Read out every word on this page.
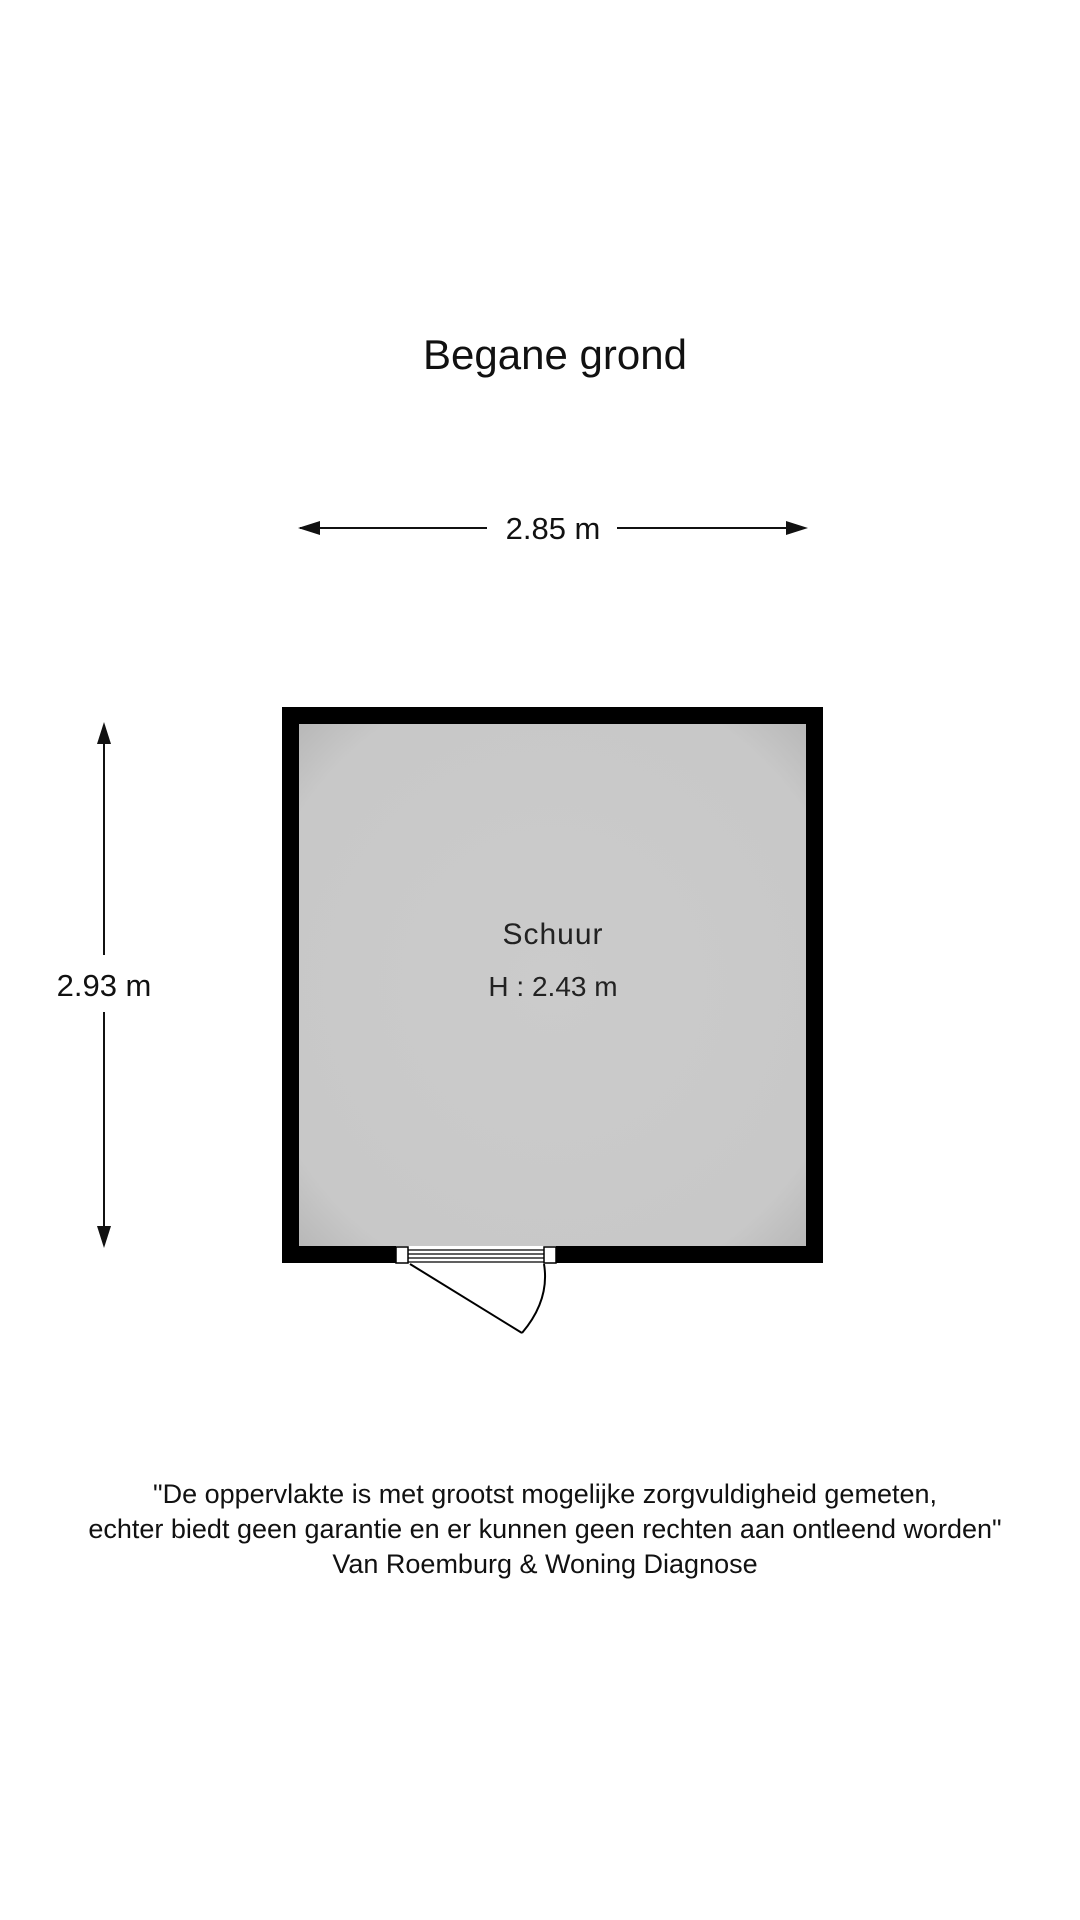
Begane grond
2.85 m
2.93 m
Schuur
H : 2.43 m
"De oppervlakte is met grootst mogelijke zorgvuldigheid gemeten,
echter biedt geen garantie en er kunnen geen rechten aan ontleend worden"
Van Roemburg & Woning Diagnose
